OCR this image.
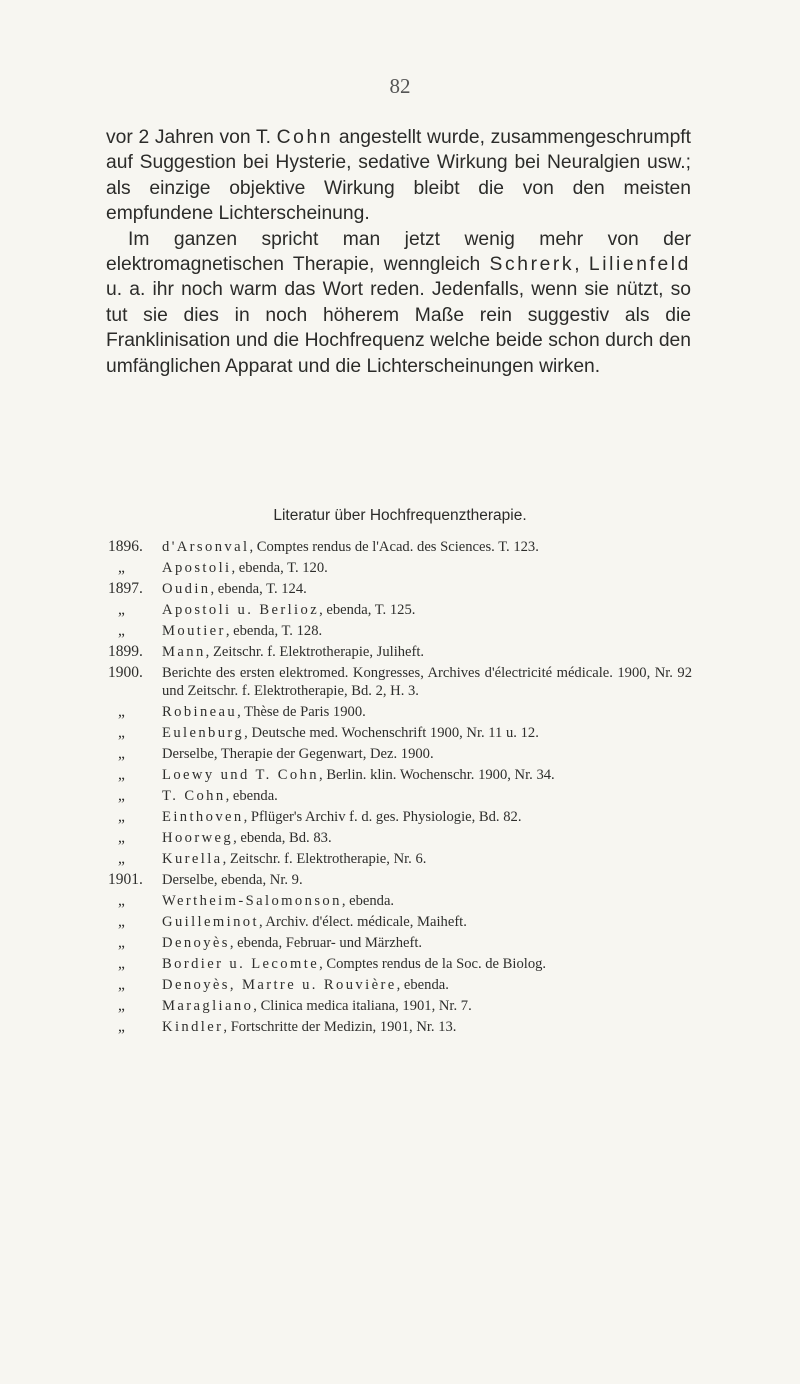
82

vor 2 Jahren von T. Cohn angestellt wurde, zusammengeschrumpft auf Suggestion bei Hysterie, sedative Wirkung bei Neuralgien usw.; als einzige objektive Wirkung bleibt die von den meisten empfundene Lichterscheinung.

Im ganzen spricht man jetzt wenig mehr von der elektromagnetischen Therapie, wenngleich Schrerk, Lilienfeld u. a. ihr noch warm das Wort reden. Jedenfalls, wenn sie nützt, so tut sie dies in noch höherem Maße rein suggestiv als die Franklinisation und die Hochfrequenz welche beide schon durch den umfänglichen Apparat und die Lichterscheinungen wirken.

Literatur über Hochfrequenztherapie.
1896.	d'Arsonval, Comptes rendus de l'Acad. des Sciences. T. 123.
„	Apostoli, ebenda, T. 120.
1897.	Oudin, ebenda, T. 124.
„	Apostoli u. Berlioz, ebenda, T. 125.
„	Moutier, ebenda, T. 128.
1899.	Mann, Zeitschr. f. Elektrotherapie, Juliheft.
1900.	Berichte des ersten elektromed. Kongresses, Archives d'électricité médicale. 1900, Nr. 92 und Zeitschr. f. Elektrotherapie, Bd. 2, H. 3.
„	Robineau, Thèse de Paris 1900.
„	Eulenburg, Deutsche med. Wochenschrift 1900, Nr. 11 u. 12.
„	Derselbe, Therapie der Gegenwart, Dez. 1900.
„	Loewy und T. Cohn, Berlin. klin. Wochenschr. 1900, Nr. 34.
„	T. Cohn, ebenda.
„	Einthoven, Pflüger's Archiv f. d. ges. Physiologie, Bd. 82.
„	Hoorweg, ebenda, Bd. 83.
„	Kurella, Zeitschr. f. Elektrotherapie, Nr. 6.
1901.	Derselbe, ebenda, Nr. 9.
„	Wertheim-Salomonson, ebenda.
„	Guilleminot, Archiv. d'élect. médicale, Maiheft.
„	Denoyès, ebenda, Februar- und Märzheft.
„	Bordier u. Lecomte, Comptes rendus de la Soc. de Biolog.
„	Denoyès, Martre u. Rouvière, ebenda.
„	Maragliano, Clinica medica italiana, 1901, Nr. 7.
„	Kindler, Fortschritte der Medizin, 1901, Nr. 13.
